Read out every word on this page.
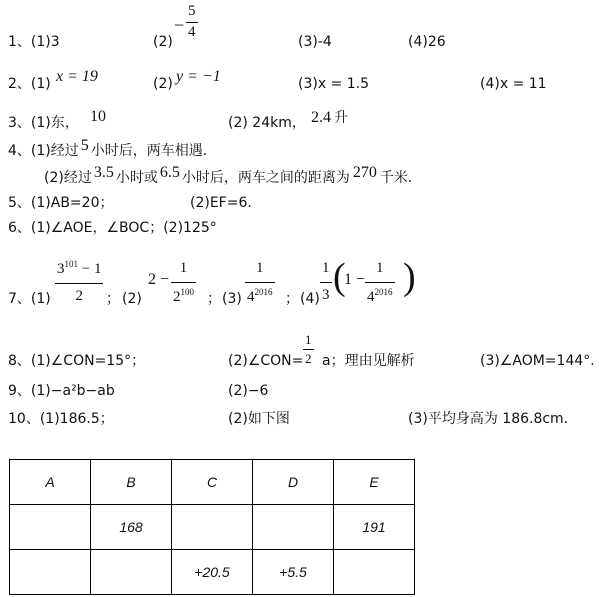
1、(1)3	(2)
−
5
4
(3)-4	(4)26
2、(1) x = 19	(2) y = −1	(3)x = 1.5	(4)x = 11
3、(1)东， 10	(2) 24km， 2.4 升
4、(1)经过 5 小时后，两车相遇．
(2)经过 3.5 小时或 6.5 小时后，两车之间的距离为 270 千米．
5、(1)AB=20；	(2)EF=6．
6、(1)∠AOE，∠BOC；(2)125°
7、(1)
$3^{101} - 1$
2 ； (2)
2 −
1
$2^{100}$ ； (3)
1
$4^{2016}$ ； (4)
1
3 (
1 −
1
$4^{2016}$ )
8、(1)∠CON=15°；	(2)∠CON=
1
2 a；理由见解析	(3)∠AOM=144°.
9、(1)−a²b−ab	(2)−6
10、(1)186.5；	(2)如下图	(3)平均身高为 186.8cm．
A	B	C	D	E
	168			191
		+20.5	+5.5	
